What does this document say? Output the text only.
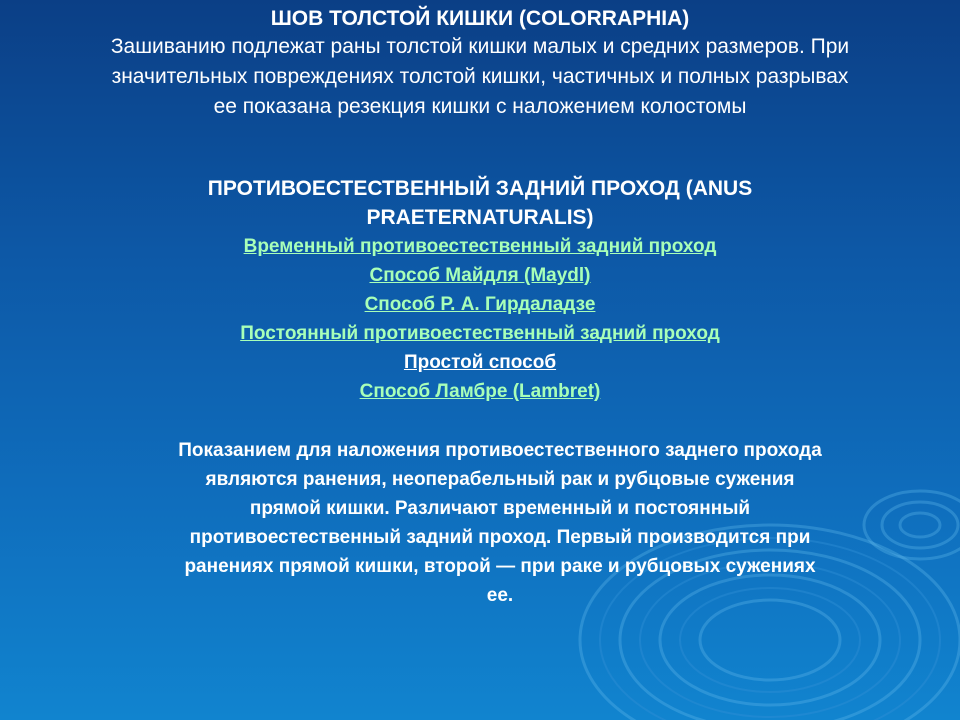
ШОВ ТОЛСТОЙ КИШКИ (COLORRAPHIA)
Зашиванию подлежат раны толстой кишки малых и средних размеров. При
значительных повреждениях толстой кишки, частичных и полных разрывах
ее показана резекция кишки с наложением колостомы
ПРОТИВОЕСТЕСТВЕННЫЙ ЗАДНИЙ ПРОХОД (ANUS
PRAETERNATURALIS)
Временный противоестественный задний проход
Способ Майдля (Maydl)
Способ Р. А. Гирдаладзе
Постоянный противоестественный задний проход
Простой способ
Способ Ламбре (Lambret)
Показанием для наложения противоестественного заднего прохода
являются ранения, неоперабельный рак и рубцовые сужения
прямой кишки. Различают временный и постоянный
противоестественный задний проход. Первый производится при
ранениях прямой кишки, второй — при раке и рубцовых сужениях
ее.
